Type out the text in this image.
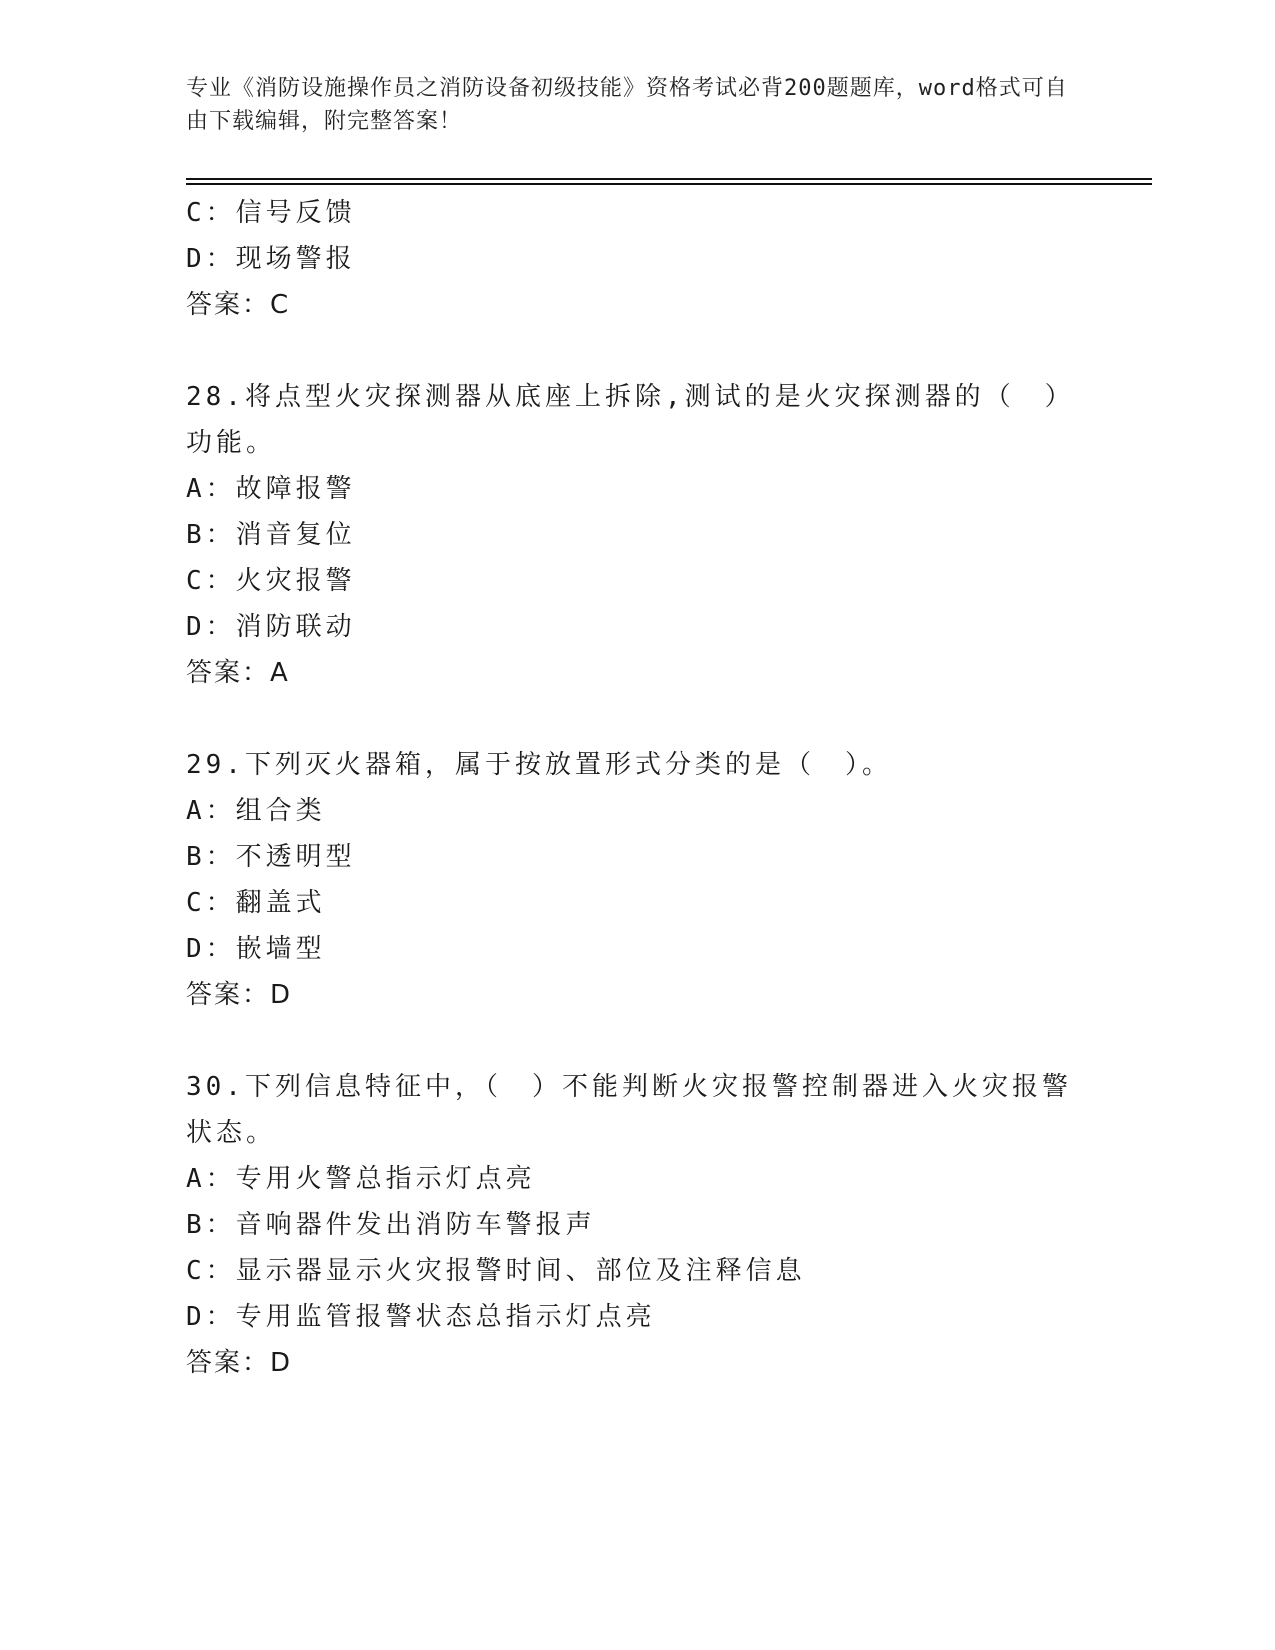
专业《消防设施操作员之消防设备初级技能》资格考试必背200题题库，word格式可自由下载编辑，附完整答案！
C：信号反馈
D：现场警报
答案：C
28.将点型火灾探测器从底座上拆除,测试的是火灾探测器的（　）功能。
A：故障报警
B：消音复位
C：火灾报警
D：消防联动
答案：A
29.下列灭火器箱，属于按放置形式分类的是（　）。
A：组合类
B：不透明型
C：翻盖式
D：嵌墙型
答案：D
30.下列信息特征中，（　）不能判断火灾报警控制器进入火灾报警状态。
A：专用火警总指示灯点亮
B：音响器件发出消防车警报声
C：显示器显示火灾报警时间、部位及注释信息
D：专用监管报警状态总指示灯点亮
答案：D
